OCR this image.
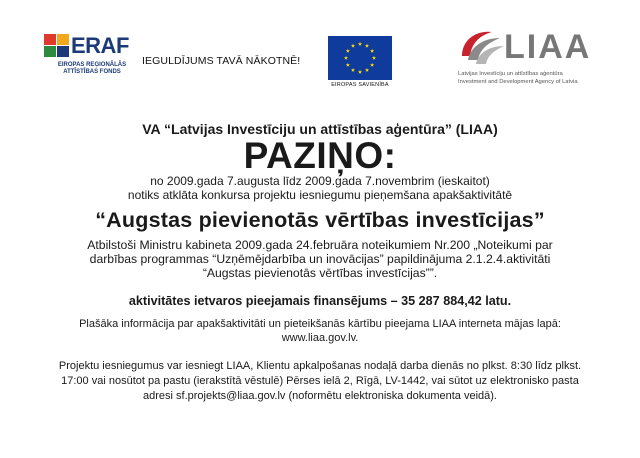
ERAF
EIROPAS REĢIONĀLĀS
ATTĪSTĪBAS FONDS
IEGULDĪJUMS TAVĀ NĀKOTNĒ!
EIROPAS SAVIENĪBA
LIAA
Latvijas Investīciju un attīstības aģentūra
Investment and Development Agency of Latvia
VA “Latvijas Investīciju un attīstības aģentūra” (LIAA)
PAZIŅO:
no 2009.gada 7.augusta līdz 2009.gada 7.novembrim (ieskaitot)
notiks atklāta konkursa projektu iesniegumu pieņemšana apakšaktivitātē
“Augstas pievienotās vērtības investīcijas”
Atbilstoši Ministru kabineta 2009.gada 24.februāra noteikumiem Nr.200 „Noteikumi par
darbības programmas “Uzņēmējdarbība un inovācijas” papildinājuma 2.1.2.4.aktivitāti
“Augstas pievienotās vērtības investīcijas””.
aktivitātes ietvaros pieejamais finansējums – 35 287 884,42 latu.
Plašāka informācija par apakšaktivitāti un pieteikšanās kārtību pieejama LIAA interneta mājas lapā:
www.liaa.gov.lv.
Projektu iesniegumus var iesniegt LIAA, Klientu apkalpošanas nodaļā darba dienās no plkst. 8:30 līdz plkst.
17:00 vai nosūtot pa pastu (ierakstītā vēstulē) Pērses ielā 2, Rīgā, LV-1442, vai sūtot uz elektronisko pasta
adresi sf.projekts@liaa.gov.lv (noformētu elektroniska dokumenta veidā).
